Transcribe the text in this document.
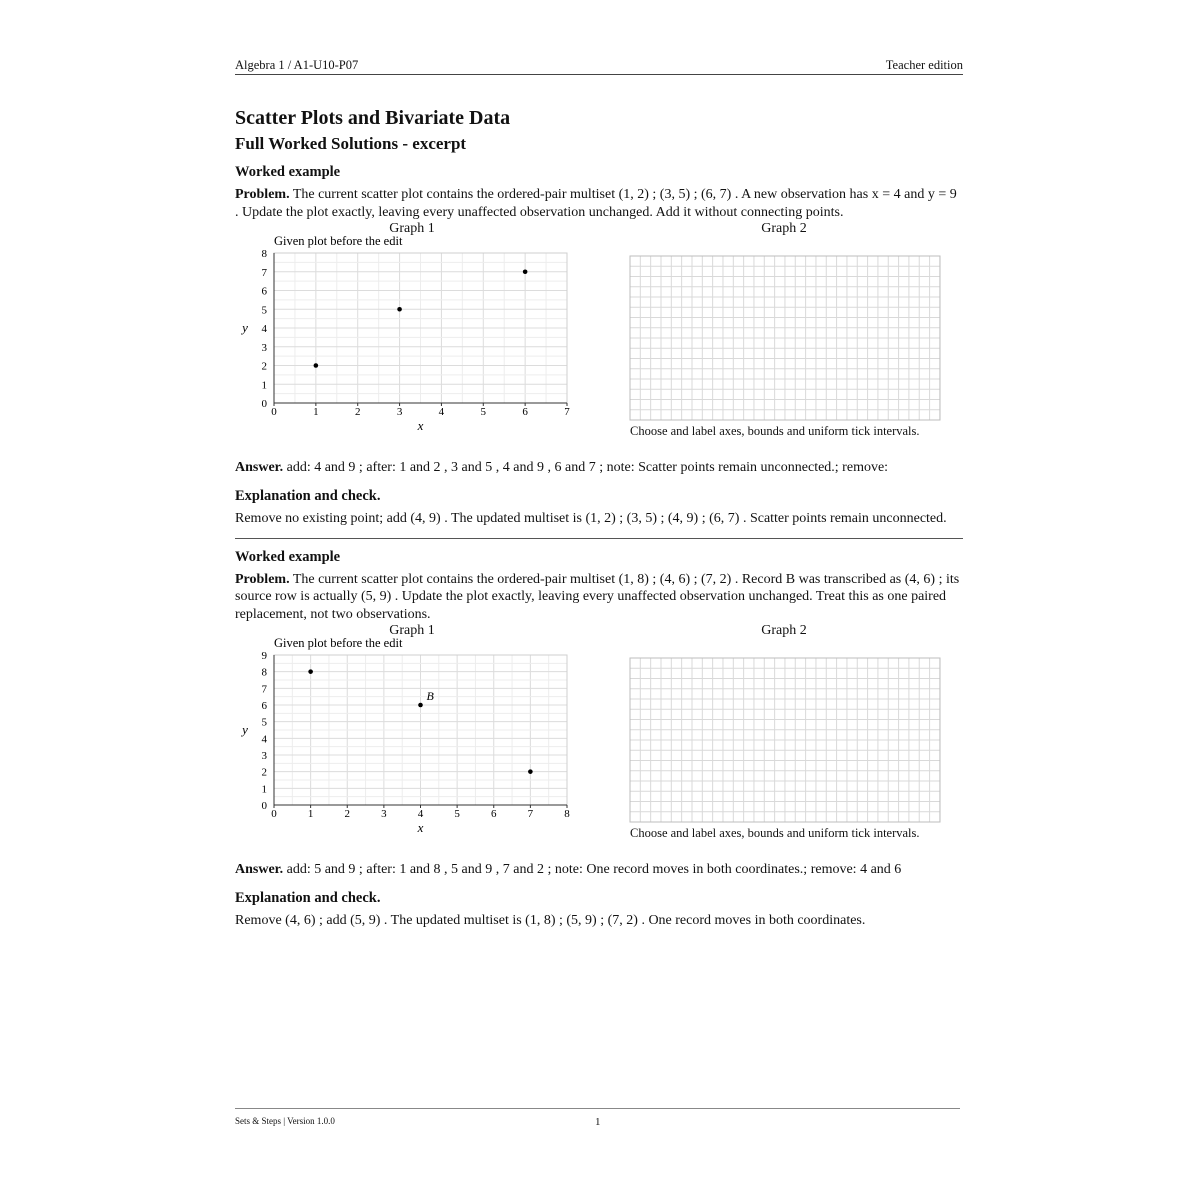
Algebra 1 / A1-U10-P07	Teacher edition
Scatter Plots and Bivariate Data
Full Worked Solutions - excerpt
Worked example

Problem. The current scatter plot contains the ordered-pair multiset (1, 2) ; (3, 5) ; (6, 7) . A new observation has x = 4 and y = 9 . Update the plot exactly, leaving every unaffected observation unchanged. Add it without connecting points.

Graph 1	Graph 2
Given plot before the edit
0	1	2	3	4	5	6	7
0
1
2
3
4
5
6
7
8
x
y
Choose and label axes, bounds and uniform tick intervals.

Answer. add: 4 and 9 ; after: 1 and 2 , 3 and 5 , 4 and 9 , 6 and 7 ; note: Scatter points remain unconnected.; remove:

Explanation and check.

Remove no existing point; add (4, 9) . The updated multiset is (1, 2) ; (3, 5) ; (4, 9) ; (6, 7) . Scatter points remain unconnected.

Worked example

Problem. The current scatter plot contains the ordered-pair multiset (1, 8) ; (4, 6) ; (7, 2) . Record B was transcribed as (4, 6) ; its source row is actually (5, 9) . Update the plot exactly, leaving every unaffected observation unchanged. Treat this as one paired replacement, not two observations.

Graph 1	Graph 2
Given plot before the edit
0	1	2	3	4	5	6	7	8
0
1
2
3
4
5
6
7
8
9
x
y
B
Choose and label axes, bounds and uniform tick intervals.

Answer. add: 5 and 9 ; after: 1 and 8 , 5 and 9 , 7 and 2 ; note: One record moves in both coordinates.; remove: 4 and 6

Explanation and check.

Remove (4, 6) ; add (5, 9) . The updated multiset is (1, 8) ; (5, 9) ; (7, 2) . One record moves in both coordinates.

Sets & Steps | Version 1.0.0	1
